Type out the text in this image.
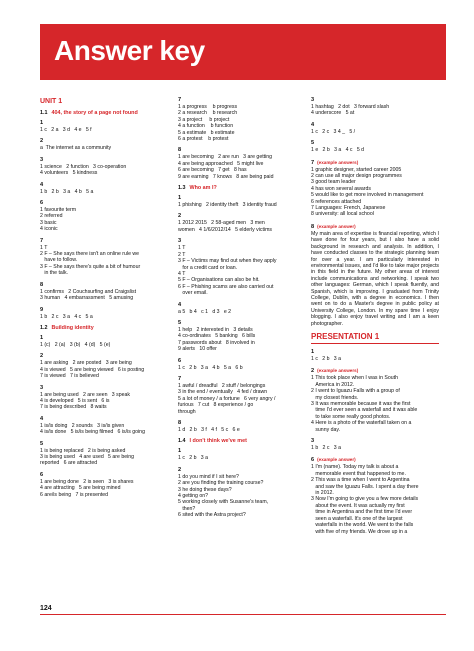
Answer key
UNIT 1
1.1 404, the story of a page not found
1
1 c   2 a   3 d   4 e   5 f
2
a  The internet as a community
3
1 science   2 function   3 co-operation
4 volunteers   5 kindness
4
1 b   2 b   3 a   4 b   5 a
6
1 favourite term
2 referred
3 basic
4 iconic
7
1 T
2 F – She says there isn't an online rule we
have to follow.
3 F – She says there's quite a bit of humour
in the talk.
8
1 confirms   2 Couchsurfing and Craigslist
3 human   4 embarrassment   5 amusing
9
1 b   2 c   3 a   4 c   5 a
1.2 Building identity
1
1 (c)   2 (a)   3 (b)   4 (d)   5 (e)
2
1 are asking   2 are posted   3 are being
4 is viewed   5 are being viewed   6 is posting
7 is viewed   7 is believed
3
1 are being used   2 are seen   3 speak
4 is developed   5 is sent   6 is
7 is being described   8 waits
4
1 is/is doing   2 sounds   3 is/is given
4 is/is done   5 is/is being filmed   6 is/is going
5
1 is being replaced   2 is being asked
3 is being used   4 are used   5 are being
reported   6 are attracted
6
1 are being done   2 is seen   3 is shares
4 are attracting   5 are being mined
6 are/is being   7 is presented
7
1 a progress    b progress
2 a research    b research
3 a project     b project
4 a function    b function
5 a estimate   b estimate
6 a protest    b protest
8
1 are becoming   2 are run   3 are getting
4 are being approached   5 might live
6 are becoming   7 get   8 has
9 are earning   7 knows   8 are being paid
1.3 Who am I?
1
1 phishing   2 identity theft   3 identity fraud
2
1 2012 2015   2 58-aged men   3 men
women   4 1/6/2012/14   5 elderly victims
3
1 T
2 T
3 F – Victims may find out when they apply
for a credit card or loan.
4 T
5 F – Organisations can also be hit.
6 F – Phishing scams are also carried out
over email.
4
a 5   b 4   c 1   d 3   e 2
5
1 help   2 interested in   3 details
4 co-ordinates   5 banking   6 bills
7 passwords about   8 involved in
9 alerts   10 offer
6
1 c   2 b   3 a   4 b   5 a   6 b
7
1 awful / dreadful   2 stuff / belongings
3 in the end / eventually   4 fed / drawn
5 a lot of money / a fortune   6 very angry /
furious   7 cut   8 experience / go
through
8
1 d   2 b   3 f   4 f   5 c   6 e
1.4 I don't think we've met
1
1 c   2 b   3 a
2
1 do you mind if I sit here?
2 are you finding the training course?
3 he doing these days?
4 getting on?
5 working closely with Susanne's team,
then?
6 sited with the Astra project?
3
1 hashtag   2 dot   3 forward slash
4 underscore   5 at
4
1 c   2 c   3 4 _   5 /
5
1 e   2 b   3 a   4 c   5 d
7 (example answers)
1 graphic designer, started career 2005
2 can use all major design programmes
3 good team leader
4 has won several awards
5 would like to get more involved in management
6 references attached
7 Languages: French, Japanese
8 university: all local school
8 (example answer)
My main area of expertise is financial reporting, which I have done for four years, but I also have a solid background in research and analysis. In addition, I have conducted classes to the strategic planning team for over a year. I am particularly interested in environmental issues, and I'd like to take major projects in this field in the future. My other areas of interest include communications and networking. I speak two other languages: German, which I speak fluently, and Spanish, which is improving. I graduated from Trinity College, Dublin, with a degree in economics. I then went on to do a Master's degree in public policy at University College, London. In my spare time I enjoy blogging. I also enjoy travel writing and I am a keen photographer.
PRESENTATION 1
1
1 c   2 b   3 a
2 (example answers)
1 This took place when I was in South
America in 2012.
2 I went to Iguazu Falls with a group of
my closest friends.
3 It was memorable because it was the first
time I'd ever seen a waterfall and it was able
to take some really good photos.
4 Here is a photo of the waterfall taken on a
sunny day.
3
1 b   2 c   3 a
6 (example answer)
1 I'm (name). Today my talk is about a
memorable event that happened to me.
2 This was a time when I went to Argentina
and saw the Iguazu Falls. I spent a day there
in 2012.
3 Now I'm going to give you a few more details
about the event. It was actually my first
time in Argentina and the first time I'd ever
seen a waterfall. It's one of the largest
waterfalls in the world. We went to the falls
with five of my friends. We drove up in a
124
